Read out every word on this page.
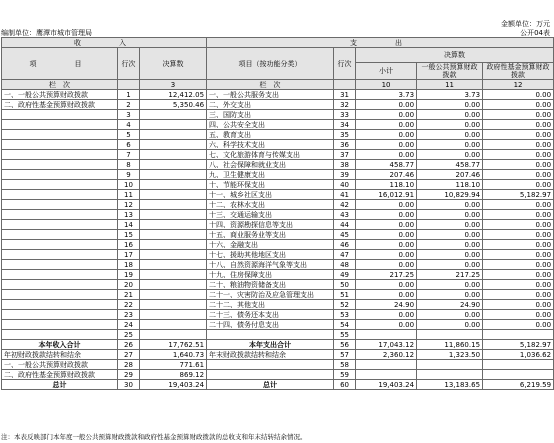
金额单位：万元
编制单位：鹰潭市城市管理局	公开04表
收　　入			支　　出				
项　　目	行次	决算数	项目（按功能分类）	行次	决算数		
					小计	一般公共预算财政拨款	政府性基金预算财政拨款
栏　次		3	栏　次		10	11	12
一、一般公共预算财政拨款	1	12,412.05	一、一般公共服务支出	31	3.73	3.73	0.00
二、政府性基金预算财政拨款	2	5,350.46	二、外交支出	32	0.00	0.00	0.00
	3		三、国防支出	33	0.00	0.00	0.00
	4		四、公共安全支出	34	0.00	0.00	0.00
	5		五、教育支出	35	0.00	0.00	0.00
	6		六、科学技术支出	36	0.00	0.00	0.00
	7		七、文化旅游体育与传媒支出	37	0.00	0.00	0.00
	8		八、社会保障和就业支出	38	458.77	458.77	0.00
	9		九、卫生健康支出	39	207.46	207.46	0.00
	10		十、节能环保支出	40	118.10	118.10	0.00
	11		十一、城乡社区支出	41	16,012.91	10,829.94	5,182.97
	12		十二、农林水支出	42	0.00	0.00	0.00
	13		十三、交通运输支出	43	0.00	0.00	0.00
	14		十四、资源勘探信息等支出	44	0.00	0.00	0.00
	15		十五、商业服务业等支出	45	0.00	0.00	0.00
	16		十六、金融支出	46	0.00	0.00	0.00
	17		十七、援助其他地区支出	47	0.00	0.00	0.00
	18		十八、自然资源海洋气象等支出	48	0.00	0.00	0.00
	19		十九、住房保障支出	49	217.25	217.25	0.00
	20		二十、粮油物资储备支出	50	0.00	0.00	0.00
	21		二十一、灾害防治及应急管理支出	51	0.00	0.00	0.00
	22		二十二、其他支出	52	24.90	24.90	0.00
	23		二十三、债务还本支出	53	0.00	0.00	0.00
	24		二十四、债务付息支出	54	0.00	0.00	0.00
	25			55			
本年收入合计	26	17,762.51	本年支出合计	56	17,043.12	11,860.15	5,182.97
年初财政拨款结转和结余	27	1,640.73	年末财政拨款结转和结余	57	2,360.12	1,323.50	1,036.62
一、一般公共预算财政拨款	28	771.61		58			
二、政府性基金预算财政拨款	29	869.12		59			
总计	30	19,403.24	总计	60	19,403.24	13,183.65	6,219.59
注：本表反映部门本年度一般公共预算财政拨款和政府性基金预算财政拨款的总收支和年末结转结余情况。
